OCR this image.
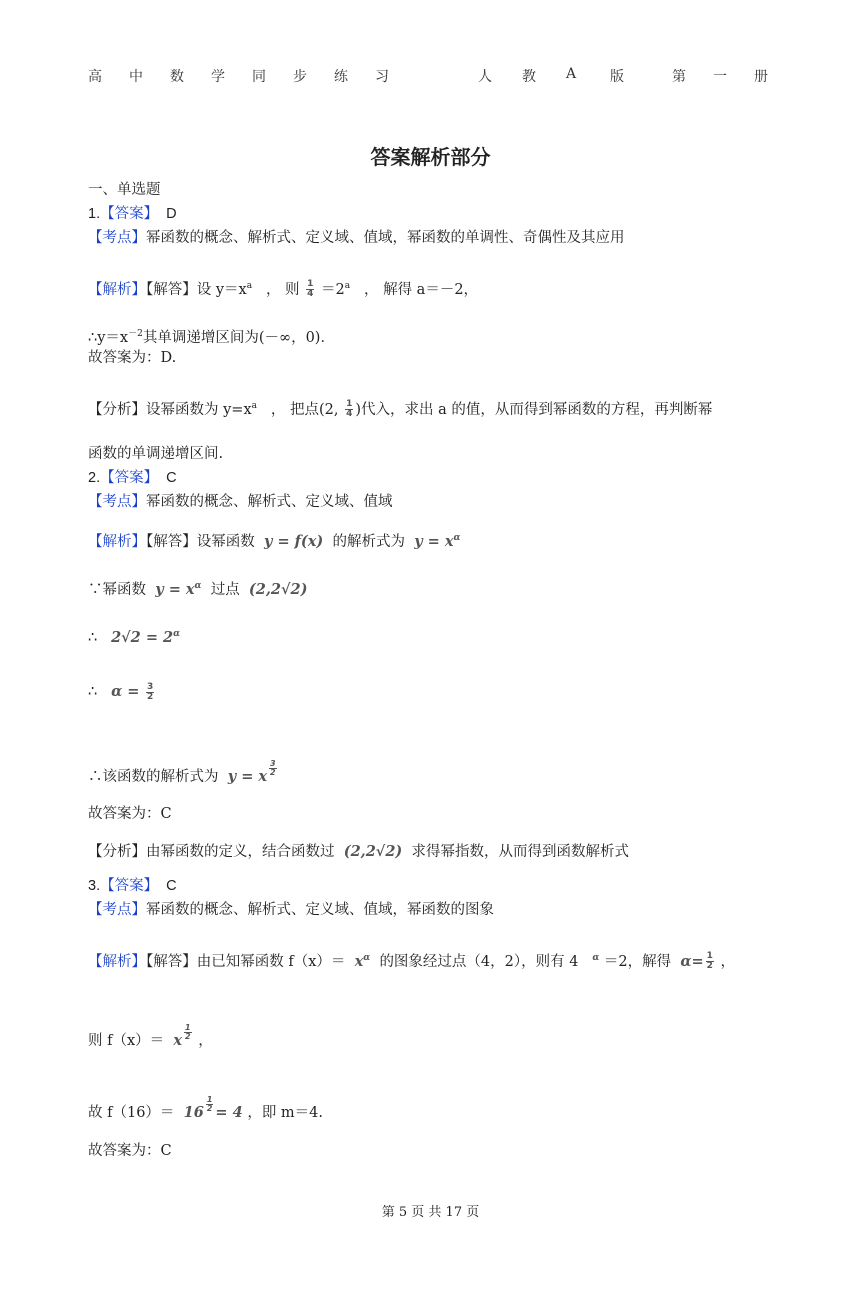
高 中 数 学 同 步 练 习	人 教 A 版	第 一 册
答案解析部分
一、单选题
1.【答案】 D
【考点】幂函数的概念、解析式、定义域、值域，幂函数的单调性、奇偶性及其应用
【解析】【解答】设 $y=x^a$ ， 则 $\frac{1}{4} =2^a$ ， 解得 a＝－2，
$\therefore y=x^{-2}$其单调递增区间为(－∞，0)．
故答案为：D.
【分析】设幂函数为 $y=x^a$ ， 把点(2, $\frac{1}{4}$ )代入，求出 a 的值，从而得到幂函数的方程，再判断幂
函数的单调递增区间.
2.【答案】 C
【考点】幂函数的概念、解析式、定义域、值域
【解析】【解答】设幂函数 y = f(x) 的解析式为 $y = x^\alpha$
∵幂函数 $y = x^\alpha$ 过点 (2,2√2)
∴ $2√2 = 2^\alpha$
∴ $\alpha = \frac{3}{2}$
∴该函数的解析式为 y = x $\frac{3}{2}$
故答案为：C
【分析】由幂函数的定义，结合函数过 (2,2√2) 求得幂指数，从而得到函数解析式
3.【答案】 C
【考点】幂函数的概念、解析式、定义域、值域，幂函数的图象
【解析】【解答】由已知幂函数 $f(x)= x^\alpha$ 的图象经过点（4，2），则有 4 $^\alpha$ ＝2，解得 $\alpha= \frac{1}{2}$ ，
则 f（x）＝ x $\frac{1}{2}$ ，
故 $f(16)= 16 \frac{1}{2} = 4$ ，即 m＝4.
故答案为：C
第 5 页 共 17 页
